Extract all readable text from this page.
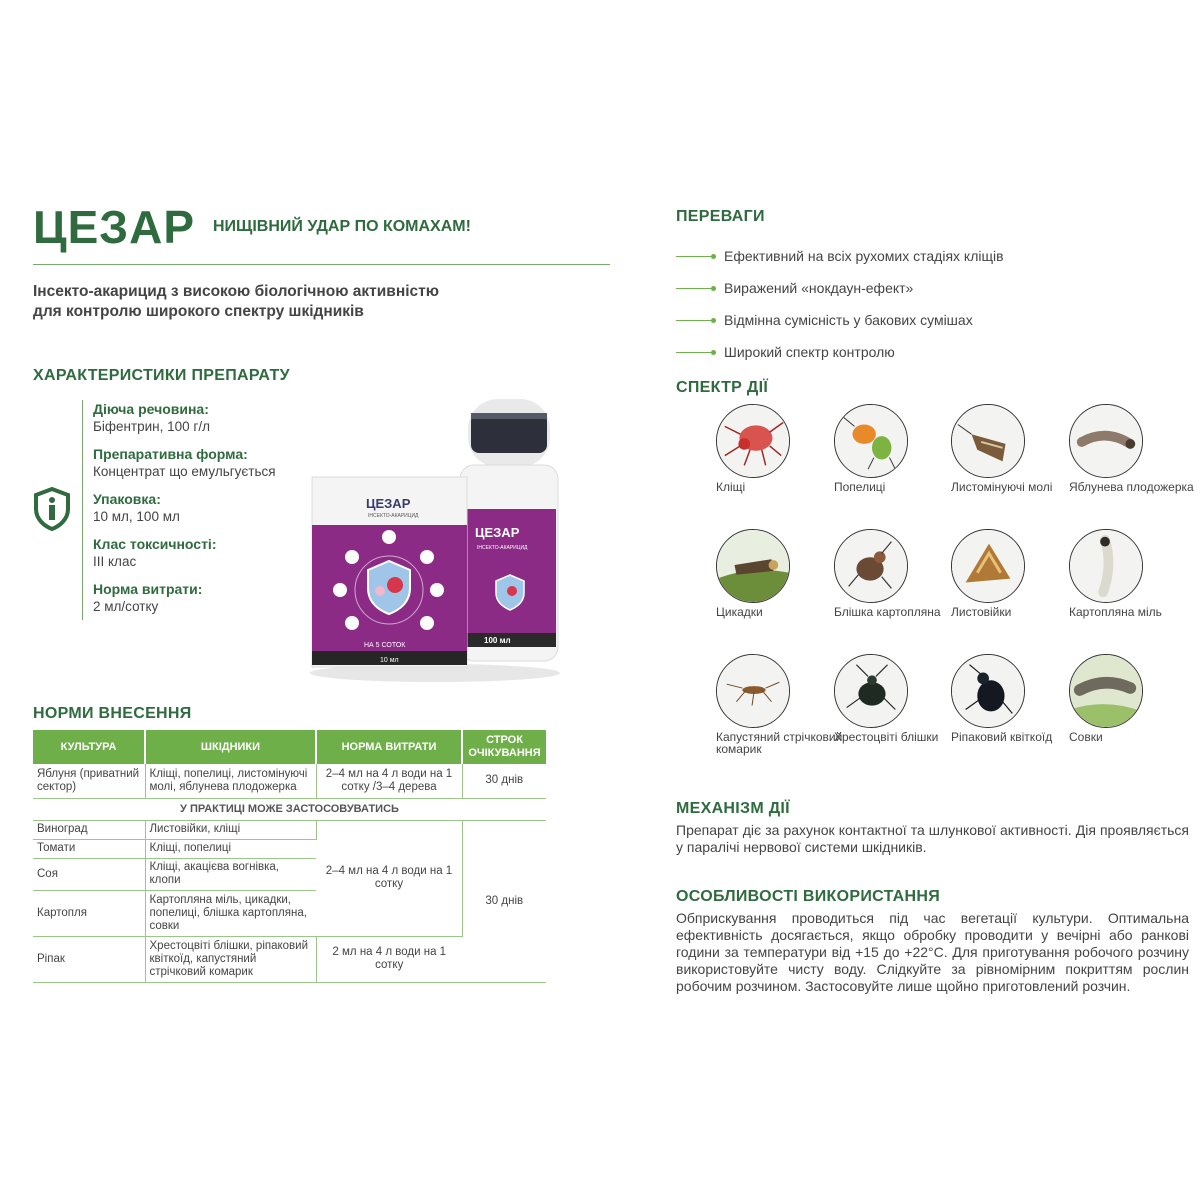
ЦЕЗАР НИЩІВНИЙ УДАР ПО КОМАХАМ!
Інсекто-акарицид з високою біологічною активністю
для контролю широкого спектру шкідників
ХАРАКТЕРИСТИКИ ПРЕПАРАТУ
Діюча речовина:
Біфентрин, 100 г/л
Препаративна форма:
Концентрат що емульгується
Упаковка:
10 мл, 100 мл
Клас токсичності:
III клас
Норма витрати:
2 мл/сотку
ЦЕЗАР
ІНСЕКТО-АКАРИЦИД
100 мл
ЦЕЗАР
ІНСЕКТО-АКАРИЦИД
НА 5 СОТОК
10 мл
НОРМИ ВНЕСЕННЯ
КУЛЬТУРА	ШКІДНИКИ	НОРМА ВИТРАТИ	СТРОК ОЧІКУВАННЯ
Яблуня (приватний сектор)	Кліщі, попелиці, листомінуючі молі, яблунева плодожерка	2–4 мл на 4 л води на 1 сотку /3–4 дерева	30 днів
У ПРАКТИЦІ МОЖЕ ЗАСТОСОВУВАТИСЬ			
Виноград	Листовійки, кліщі	2–4 мл на 4 л води на 1 сотку	30 днів
Томати	Кліщі, попелиці		
Соя	Кліщі, акацієва вогнівка, клопи		
Картопля	Картопляна міль, цикадки, попелиці, блішка картопляна, совки		
Ріпак	Хрестоцвіті блішки, ріпаковий квіткоїд, капустяний стрічковий комарик	2 мл на 4 л води на 1 сотку	
ПЕРЕВАГИ
Ефективний на всіх рухомих стадіях кліщів
Виражений «нокдаун-ефект»
Відмінна сумісність у бакових сумішах
Широкий спектр контролю
СПЕКТР ДІЇ
Кліщі	Попелиці	Листомінуючі молі	Яблунева плодожерка
Цикадки	Блішка картопляна Листовійки	Картопляна міль
Капустяний стрічковий комарик
Хрестоцвіті блішки	Ріпаковий квіткоїд	Совки
МЕХАНІЗМ ДІЇ
Препарат діє за рахунок контактної та шлункової активності. Дія проявляється у паралічі нервової системи шкідників.
ОСОБЛИВОСТІ ВИКОРИСТАННЯ
Обприскування проводиться під час вегетації культури. Оптимальна ефективність досягається, якщо обробку проводити у вечірні або ранкові години за температури від +15 до +22°C. Для приготування робочого розчину використовуйте чисту воду. Слідкуйте за рівномірним покриттям рослин робочим розчином. Застосовуйте лише щойно приготовлений розчин.
